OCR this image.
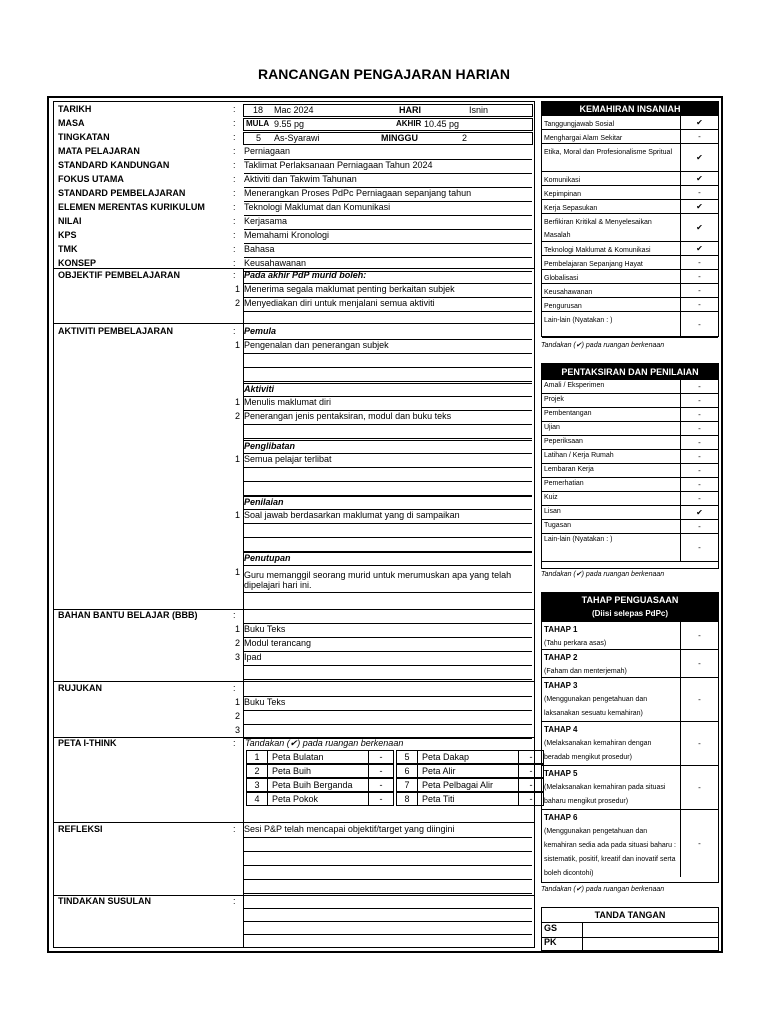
RANCANGAN PENGAJARAN HARIAN
TARIKH	: 18 Mac 2024	HARI	Isnin
MASA	: MULA 9.55 pg	AKHIR 10.45 pg
TINGKATAN	: 5 As-Syarawi	MINGGU	2
MATA PELAJARAN	: Perniagaan
STANDARD KANDUNGAN	: Taklimat Perlaksanaan Perniagaan Tahun 2024
FOKUS UTAMA	: Aktiviti dan Takwim Tahunan
STANDARD PEMBELAJARAN	: Menerangkan Proses PdPc Perniagaan sepanjang tahun
ELEMEN MERENTAS KURIKULUM	: Teknologi Maklumat dan Komunikasi
NILAI	: Kerjasama
KPS	: Memahami Kronologi
TMK	: Bahasa
KONSEP	: Keusahawanan
OBJEKTIF PEMBELAJARAN	: Pada akhir PdP murid boleh:
1 Menerima segala maklumat penting berkaitan subjek
2 Menyediakan diri untuk menjalani semua aktiviti
AKTIVITI PEMBELAJARAN	: Pemula
1 Pengenalan dan penerangan subjek
Aktiviti
1 Menulis maklumat diri
2 Penerangan jenis pentaksiran, modul dan buku teks
Penglibatan
1 Semua pelajar terlibat
Penilaian
1 Soal jawab berdasarkan maklumat yang di sampaikan
Penutupan
1 Guru memanggil seorang murid untuk merumuskan apa yang telah dipelajari hari ini.
BAHAN BANTU BELAJAR (BBB)	:
1 Buku Teks
2 Modul terancang
3 Ipad
RUJUKAN	:
1 Buku Teks
2
3
PETA I-THINK	: Tandakan (✔) pada ruangan berkenaan
1	Peta Bulatan	-	5	Peta Dakap	-
2	Peta Buih	-	6	Peta Alir	-
3	Peta Buih Berganda	-	7	Peta Pelbagai Alir	-
4	Peta Pokok	-	8	Peta Titi	-
REFLEKSI	: Sesi P&P telah mencapai objektif/target yang diingini
TINDAKAN SUSULAN	:
KEMAHIRAN INSANIAH
Tanggungjawab Sosial	✔
Menghargai Alam Sekitar	-
Etika, Moral dan Profesionalisme Spritual
✔
Komunikasi	✔
Kepimpinan	-
Kerja Sepasukan	✔
Berfikiran Kritikal & Menyelesaikan Masalah
✔
Teknologi Maklumat & Komunikasi	✔
Pembelajaran Sepanjang Hayat	-
Globalisasi	-
Keusahawanan	-
Pengurusan	-
Lain-lain (Nyatakan : )	-
Tandakan (✔) pada ruangan berkenaan
PENTAKSIRAN DAN PENILAIAN
Amali / Eksperimen	-
Projek	-
Pembentangan	-
Ujian	-
Peperiksaan	-
Latihan / Kerja Rumah	-
Lembaran Kerja	-
Pemerhatian	-
Kuiz	-
Lisan	✔
Tugasan	-
Lain-lain (Nyatakan : )
-
Tandakan (✔) pada ruangan berkenaan
TAHAP PENGUASAAN
(Diisi selepas PdPc)
TAHAP 1
(Tahu perkara asas)
-
TAHAP 2
(Faham dan menterjemah)
-
TAHAP 3
(Menggunakan pengetahuan dan laksanakan sesuatu kemahiran)
-
TAHAP 4
(Melaksanakan kemahiran dengan beradab mengikut prosedur)
-
TAHAP 5
(Melaksanakan kemahiran pada situasi baharu mengikut prosedur)
-
TAHAP 6
(Menggunakan pengetahuan dan kemahiran sedia ada pada situasi baharu : sistematik, positif, kreatif dan inovatif serta boleh dicontohi)
-
Tandakan (✔) pada ruangan berkenaan
TANDA TANGAN
GS
PK
